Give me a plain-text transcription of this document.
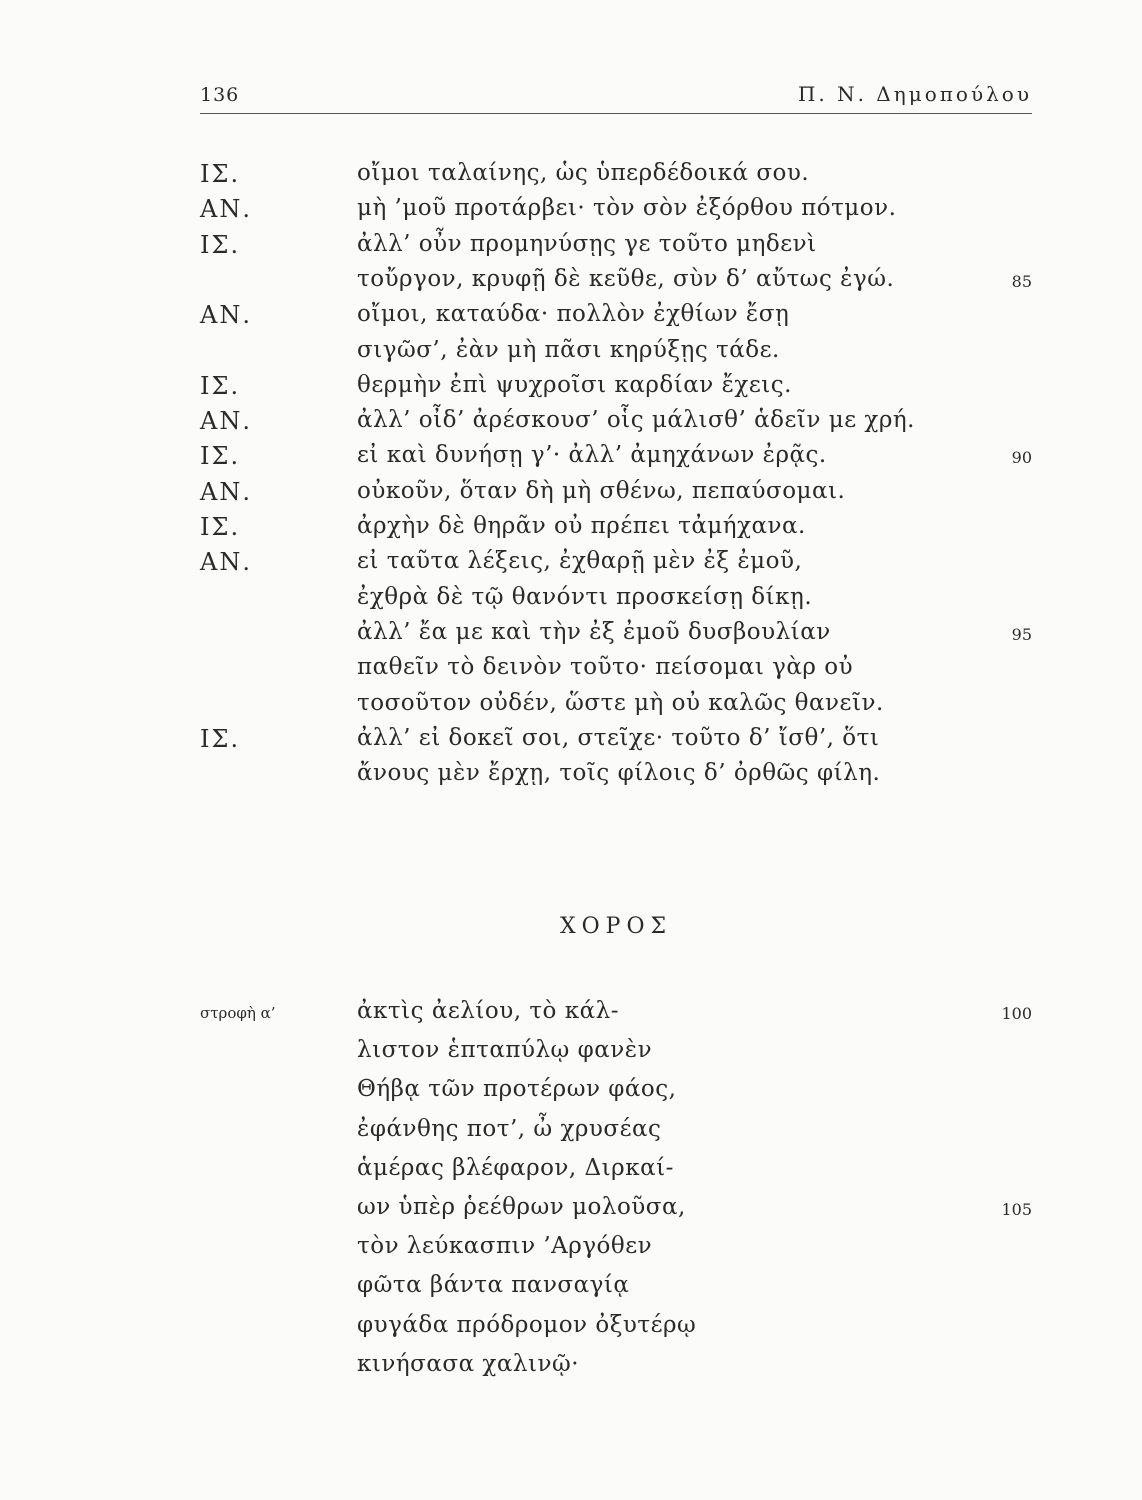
136	Π. Ν. Δημοπούλου
ΧΟΡΟΣ
ΙΣ.	οἴμοι ταλαίνης, ὡς ὑπερδέδοικά σου.
ΑΝ.	μὴ ’μοῦ προτάρβει· τὸν σὸν ἐξόρθου πότμον.
ΙΣ.	ἀλλ’ οὖν προμηνύσῃς γε τοῦτο μηδενὶ
τοὔργον, κρυφῇ δὲ κεῦθε, σὺν δ’ αὔτως ἐγώ.	85
ΑΝ.	οἴμοι, καταύδα· πολλὸν ἐχθίων ἔσῃ
σιγῶσ’, ἐὰν μὴ πᾶσι κηρύξῃς τάδε.
ΙΣ.	θερμὴν ἐπὶ ψυχροῖσι καρδίαν ἔχεις.
ΑΝ.	ἀλλ’ οἶδ’ ἀρέσκουσ’ οἷς μάλισθ’ ἁδεῖν με χρή.
ΙΣ.	εἰ καὶ δυνήσῃ γ’· ἀλλ’ ἀμηχάνων ἐρᾷς.	90
ΑΝ.	οὐκοῦν, ὅταν δὴ μὴ σθένω, πεπαύσομαι.
ΙΣ.	ἀρχὴν δὲ θηρᾶν οὐ πρέπει τἀμήχανα.
ΑΝ.	εἰ ταῦτα λέξεις, ἐχθαρῇ μὲν ἐξ ἐμοῦ,
ἐχθρὰ δὲ τῷ θανόντι προσκείσῃ δίκῃ.
ἀλλ’ ἔα με καὶ τὴν ἐξ ἐμοῦ δυσβουλίαν	95
παθεῖν τὸ δεινὸν τοῦτο· πείσομαι γὰρ οὐ
τοσοῦτον οὐδέν, ὥστε μὴ οὐ καλῶς θανεῖν.
ΙΣ.	ἀλλ’ εἰ δοκεῖ σοι, στεῖχε· τοῦτο δ’ ἴσθ’, ὅτι
ἄνους μὲν ἔρχῃ, τοῖς φίλοις δ’ ὀρθῶς φίλη.
στροφὴ α’	ἀκτὶς ἀελίου, τὸ κάλ-	100
λιστον ἑπταπύλῳ φανὲν
Θήβᾳ τῶν προτέρων φάος,
ἐφάνθης ποτ’, ὦ χρυσέας
ἁμέρας βλέφαρον, Διρκαί-
ων ὑπὲρ ῥεέθρων μολοῦσα,	105
τὸν λεύκασπιν ’Αργόθεν
φῶτα βάντα πανσαγίᾳ
φυγάδα πρόδρομον ὀξυτέρῳ
κινήσασα χαλινῷ·
